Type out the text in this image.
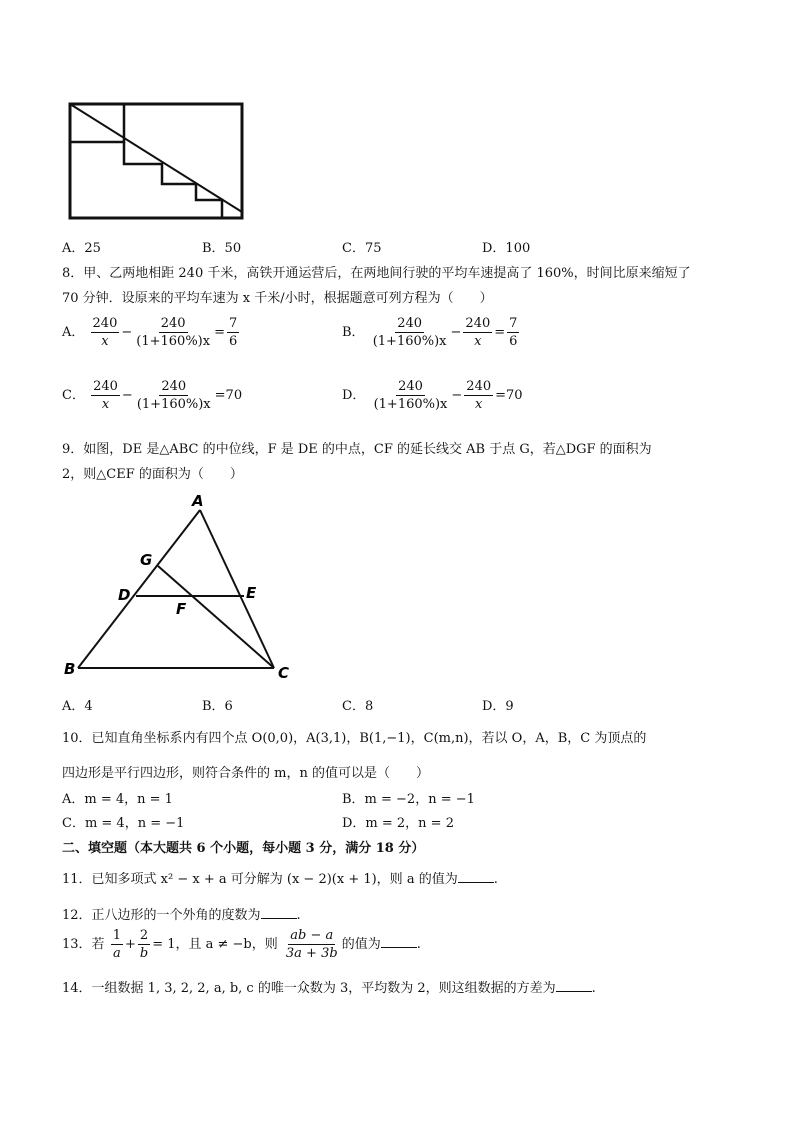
A．25	B．50	C．75	D．100
8．甲、乙两地相距 240 千米，高铁开通运营后，在两地间行驶的平均车速提高了 160%，时间比原来缩短了
70 分钟．设原来的平均车速为 x 千米/小时，根据题意可列方程为（　　）
A． $\frac{240}{x} - \frac{240}{(1+160\%)x} = \frac{7}{6}$	B． $\frac{240}{(1+160\%)x} - \frac{240}{x} = \frac{7}{6}$
C． $\frac{240}{x} - \frac{240}{(1+160\%)x} =70$	D． $\frac{240}{(1+160\%)x} - \frac{240}{x} =70$
9．如图，DE 是△ABC 的中位线，F 是 DE 的中点，CF 的延长线交 AB 于点 G，若△DGF 的面积为
2，则△CEF 的面积为（　　）
A
G
D	E
F
B	C
A．4	B．6	C．8	D．9
10．已知直角坐标系内有四个点 O(0,0)，A(3,1)，B(1,−1)，C(m,n)，若以 O，A，B，C 为顶点的
四边形是平行四边形，则符合条件的 m，n 的值可以是（　　）
A．m = 4，n = 1	B．m = −2，n = −1
C．m = 4，n = −1	D．m = 2，n = 2
二、填空题（本大题共 6 个小题，每小题 3 分，满分 18 分）
11．已知多项式 x² − x + a 可分解为 (x − 2)(x + 1)，则 a 的值为	.
12．正八边形的一个外角的度数为	.
13．若 $\frac{1}{a} + \frac{2}{b} = 1$，且 a ≠ −b，则 $\frac{ab - a}{3a + 3b}$ 的值为	.
14．一组数据 1, 3, 2, 2, a, b, c 的唯一众数为 3，平均数为 2，则这组数据的方差为	.
